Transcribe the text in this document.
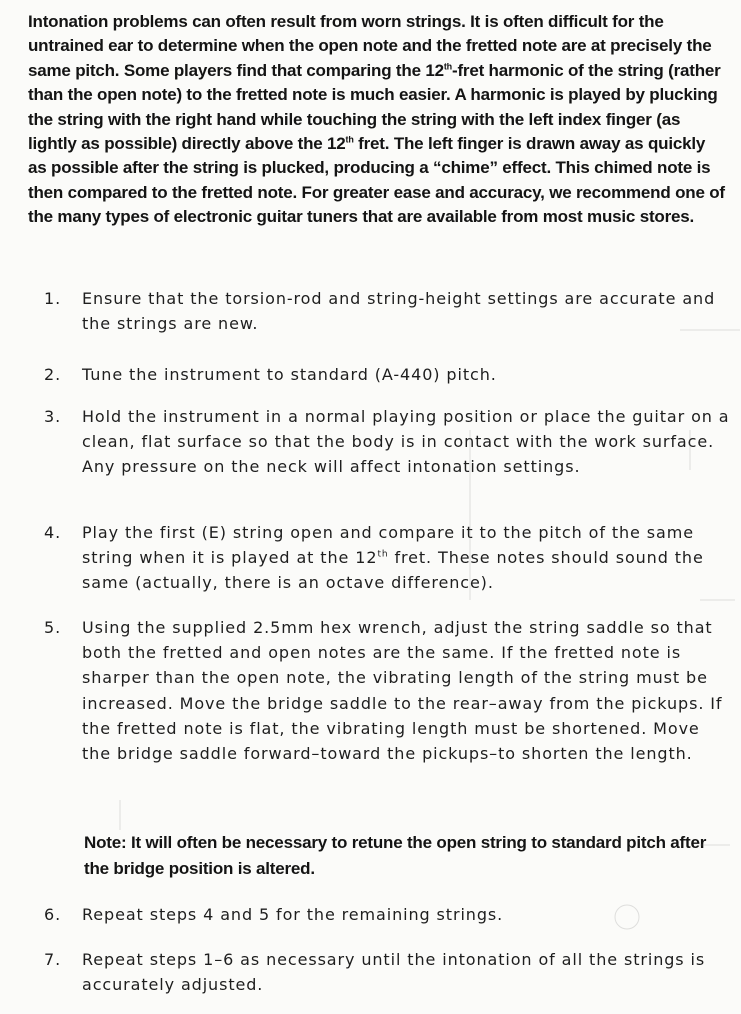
Intonation problems can often result from worn strings. It is often difficult for the untrained ear to determine when the open note and the fretted note are at precisely the same pitch. Some players find that comparing the 12th-fret harmonic of the string (rather than the open note) to the fretted note is much easier. A harmonic is played by plucking the string with the right hand while touching the string with the left index finger (as lightly as possible) directly above the 12th fret. The left finger is drawn away as quickly as possible after the string is plucked, producing a “chime” effect. This chimed note is then compared to the fretted note. For greater ease and accuracy, we recommend one of the many types of electronic guitar tuners that are available from most music stores.

1.	Ensure that the torsion-rod and string-height settings are accurate and the strings are new.
2.	Tune the instrument to standard (A-440) pitch.
3.	Hold the instrument in a normal playing position or place the guitar on a clean, flat surface so that the body is in contact with the work surface. Any pressure on the neck will affect intonation settings.
4.	Play the first (E) string open and compare it to the pitch of the same string when it is played at the 12th fret. These notes should sound the same (actually, there is an octave difference).
5.	Using the supplied 2.5mm hex wrench, adjust the string saddle so that both the fretted and open notes are the same. If the fretted note is sharper than the open note, the vibrating length of the string must be increased. Move the bridge saddle to the rear–away from the pickups. If the fretted note is flat, the vibrating length must be shortened. Move the bridge saddle forward–toward the pickups–to shorten the length.

Note: It will often be necessary to retune the open string to standard pitch after the bridge position is altered.

6.	Repeat steps 4 and 5 for the remaining strings.
7.	Repeat steps 1–6 as necessary until the intonation of all the strings is accurately adjusted.
